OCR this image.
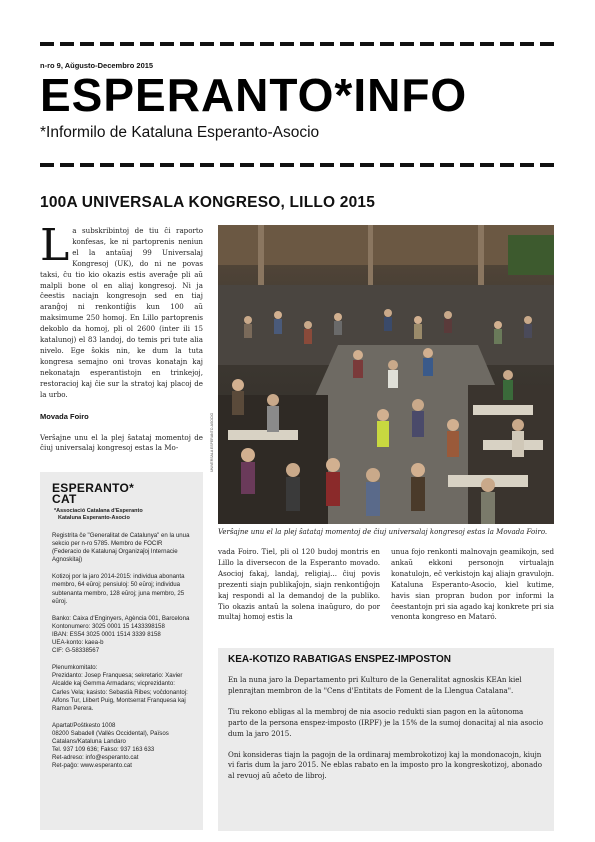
n-ro 9, Aŭgusto-Decembro 2015
ESPERANTO*INFO
*Informilo de Kataluna Esperanto-Asocio
100A UNIVERSALA KONGRESO, LILLO 2015

La subskribintoj de tiu ĉi raporto konfesas, ke ni partoprenis neniun el la antaŭaj 99 Universalaj Kongresoj (UK), do ni ne povas taksi, ĉu tio kio okazis estis averaĝe pli aŭ malpli bone ol en aliaj kongresoj. Ni ja ĉeestis naciajn kongresojn sed en tiaj aranĝoj ni renkontiĝis kun 100 aŭ maksimume 250 homoj. En Lillo partoprenis dekoblo da homoj, pli ol 2600 (inter ili 15 katalunoj) el 83 landoj, do temis pri tute alia nivelo. Ege ŝokis nin, ke dum la tuta kongresa semajno oni trovas konatajn kaj nekonatajn esperantistojn en trinkejoj, restoracioj kaj ĉie sur la stratoj kaj placoj de la urbo.

Movada Foiro

Verŝajne unu el la plej ŝatataj momentoj de ĉiuj universalaj kongresoj estas la Mo-	UNIVERSALA ESPERANTO-ASOCIO
Verŝajne unu el la plej ŝatataj momentoj de ĉiuj universalaj kongresoj estas la Movada Foiro.

vada Foiro. Tiel, pli ol 120 budoj montris en Lillo la diversecon de la Esperanto movado. Asocioj fakaj, landaj, religiaj... ĉiuj povis prezenti siajn publikaĵojn, siajn renkontiĝojn kaj respondi al la demandoj de la publiko. Tio okazis antaŭ la solena inaŭguro, do por multaj homoj estis la

unua fojo renkonti malnovajn geamikojn, sed ankaŭ ekkoni personojn virtualajn konatulojn, eĉ verkistojn kaj aliajn gravulojn. Kataluna Esperanto-Asocio, kiel kutime, havis sian propran budon por informi la ĉeestantojn pri sia agado kaj konkrete pri sia venonta kongreso en Mataró.

ESPERANTO*
CAT
*Associació Catalana d'Esperanto
Kataluna Esperanto-Asocio
Registrita ĉe "Generalitat de Catalunya" en la unua sekcio per n-ro 5785. Membro de FOCIR (Federacio de Katalunaj Organizaĵoj Internacie Agnoskitaj)
Kotizoj por la jaro 2014-2015: individua abonanta membro, 64 eŭroj; pensiuloj: 50 eŭroj; individua subtenanta membro, 128 eŭroj; juna membro, 25 eŭroj.
Banko: Caixa d'Enginyers, Agència 001, Barcelona
Kontonumero: 3025 0001 15 1433398158
IBAN: ES54 3025 0001 1514 3339 8158
UEA-konto: kaea-b
CIF: G-58338567
Plenumkomitato:
Prezidanto: Josep Franquesa; sekretario: Xavier Alcalde kaj Gemma Armadans; vicprezidanto: Carles Vela; kasisto: Sebastià Ribes; voĉdonantoj: Alfons Tur, Llibert Puig, Montserrat Franquesa kaj Ramon Perera.
Apartat/Poŝtkesto 1008
08200 Sabadell (Vallès Occidental), Països Catalans/Kataluna Landaro
Tel. 937 109 636; Fakso: 937 163 633
Ret-adreso: info@esperanto.cat
Ret-paĝo: www.esperanto.cat
KEA-KOTIZO RABATIGAS ENSPEZ-IMPOSTON

En la nuna jaro la Departamento pri Kulturo de la Generalitat agnoskis KEAn kiel plenrajtan membron de la "Cens d'Entitats de Foment de la Llengua Catalana".

Tiu rekono ebligas al la membroj de nia asocio redukti sian pagon en la aŭtonoma parto de la persona enspez-imposto (IRPF) je la 15% de la sumoj donacitaj al nia asocio dum la jaro 2015.

Oni konsideras tiajn la pagojn de la ordinaraj membrokotizoj kaj la mondonacojn, kiujn vi faris dum la jaro 2015. Ne eblas rabato en la imposto pro la kongreskotizoj, abonado al revuoj aŭ aĉeto de libroj.
